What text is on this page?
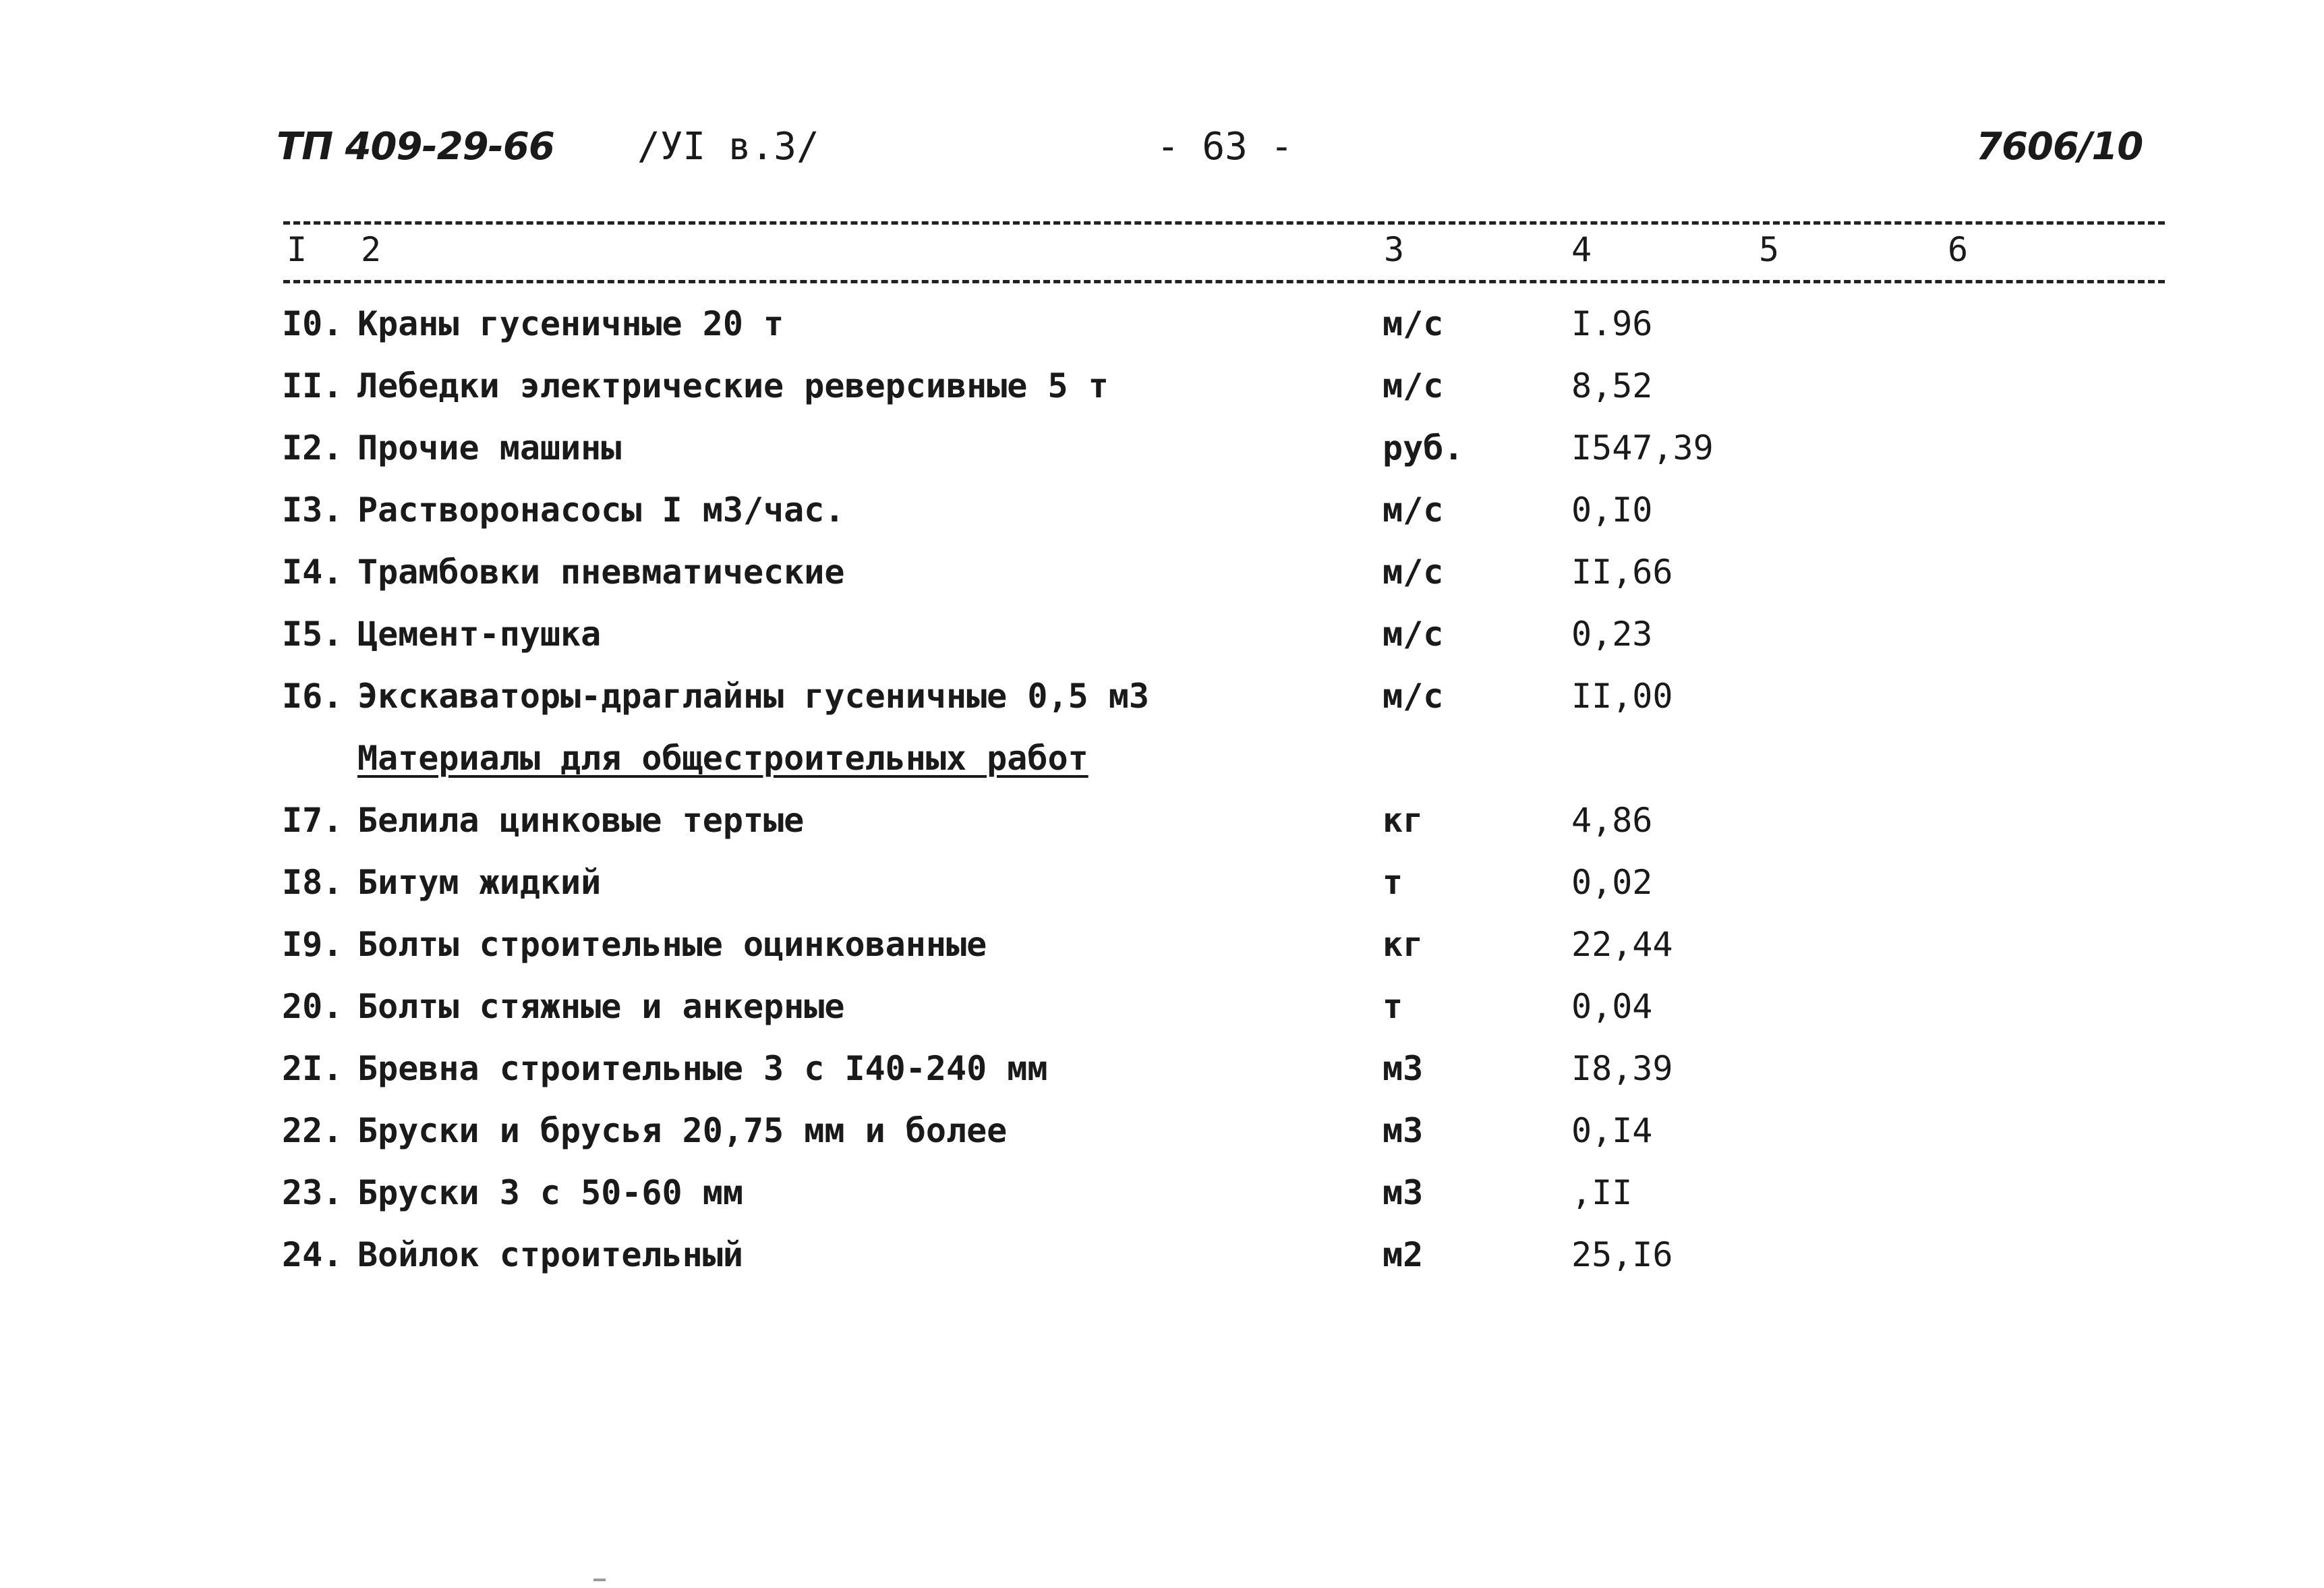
ТП 409-29-66 /УI в.3/	- 63 -	7606/10
I 2	3	4	5	6
I0. Краны гусеничные 20 т	м/с	I.96
II. Лебедки электрические реверсивные 5 т	м/с	8,52
I2. Прочие машины	руб.	I547,39
I3. Растворонасосы I м3/час.	м/с	0,I0
I4. Трамбовки пневматические	м/с	II,66
I5. Цемент-пушка	м/с	0,23
I6. Экскаваторы-драглайны гусеничные 0,5 м3	м/с	II,00
Материалы для общестроительных работ
I7. Белила цинковые тертые	кг	4,86
I8. Битум жидкий	т	0,02
I9. Болты строительные оцинкованные	кг	22,44
20. Болты стяжные и анкерные	т	0,04
2I. Бревна строительные 3 с I40-240 мм	м3	I8,39
22. Бруски и брусья 20,75 мм и более	м3	0,I4
23. Бруски 3 с 50-60 мм	м3	,II
24. Войлок строительный	м2	25,I6
